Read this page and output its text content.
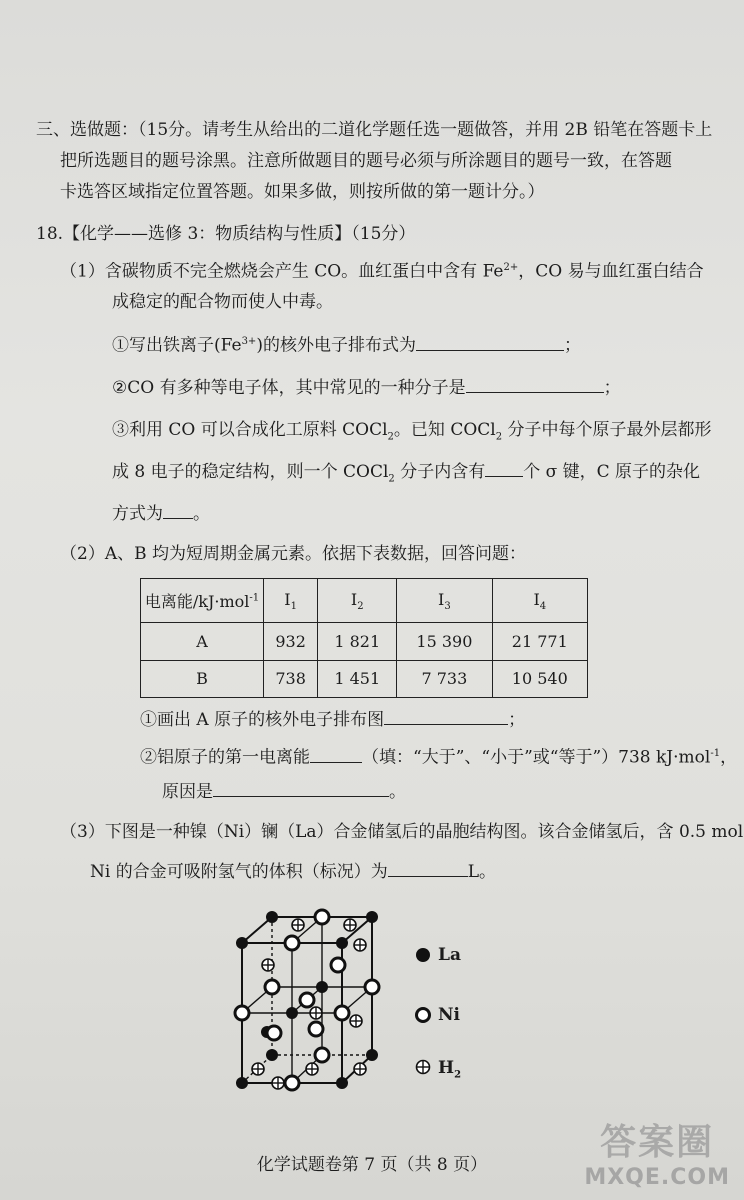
三、选做题：（15分。请考生从给出的二道化学题任选一题做答，并用 2B 铅笔在答题卡上
把所选题目的题号涂黑。注意所做题目的题号必须与所涂题目的题号一致，在答题
卡选答区域指定位置答题。如果多做，则按所做的第一题计分。）
18.【化学——选修 3：物质结构与性质】（15分）
（1）含碳物质不完全燃烧会产生 CO。血红蛋白中含有 $Fe^{2+}$，CO 易与血红蛋白结合
成稳定的配合物而使人中毒。
①写出铁离子$(Fe^{3+})$的核外电子排布式为	；
②CO 有多种等电子体，其中常见的一种分子是	；
③利用 CO 可以合成化工原料 COCl$_2$。已知 COCl$_2$ 分子中每个原子最外层都形
成 8 电子的稳定结构，则一个 COCl$_2$ 分子内含有 个 σ 键，C 原子的杂化
方式为 。
（2）A、B 均为短周期金属元素。依据下表数据，回答问题：
电离能/kJ·mol$^{-1}$	$I_1$	$I_2$	$I_3$	$I_4$
A	932	1 821	15 390	21 771
B	738	1 451	7 733	10 540
①画出 A 原子的核外电子排布图	；
②铝原子的第一电离能	（填：“大于”、“小于”或“等于”）738 kJ·mol$^{-1}$，
原因是	。
（3）下图是一种镍（Ni）镧（La）合金储氢后的晶胞结构图。该合金储氢后，含 0.5 mol
Ni 的合金可吸附氢气的体积（标况）为	L。
La
Ni
$H_2$
化学试题卷第 7 页（共 8 页）
答案圈
MXQE.COM
